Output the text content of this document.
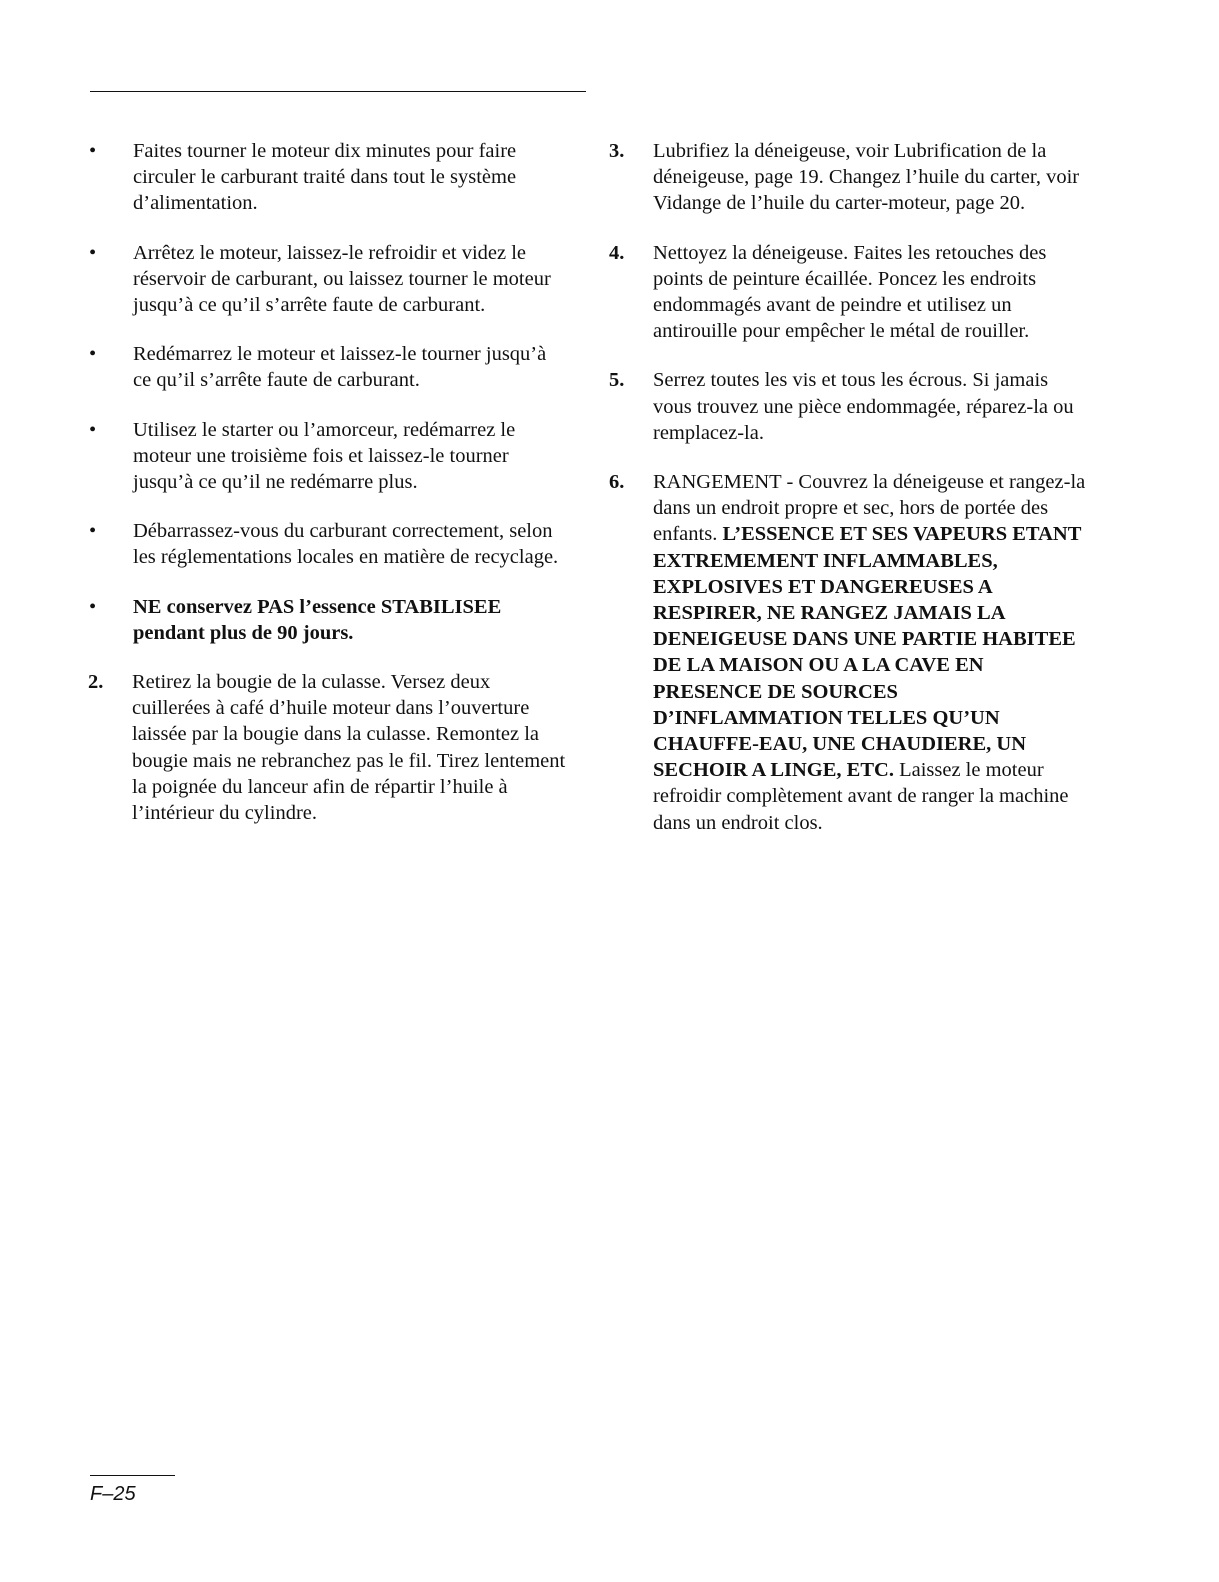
•	Faites tourner le moteur dix minutes pour faire circuler le carburant traité dans tout le système d’alimentation.
•	Arrêtez le moteur, laissez-le refroidir et videz le réservoir de carburant, ou laissez tourner le moteur jusqu’à ce qu’il s’arrête faute de carburant.
•	Redémarrez le moteur et laissez-le tourner jusqu’à ce qu’il s’arrête faute de carburant.
•	Utilisez le starter ou l’amorceur, redémarrez le moteur une troisième fois et laissez-le tourner jusqu’à ce qu’il ne redémarre plus.
•	Débarrassez-vous du carburant correctement, selon les réglementations locales en matière de recyclage.
•	NE conservez PAS l’essence STABILISEE pendant plus de 90 jours.
2.	Retirez la bougie de la culasse. Versez deux cuillerées à café d’huile moteur dans l’ouverture laissée par la bougie dans la culasse. Remontez la bougie mais ne rebranchez pas le fil. Tirez lentement la poignée du lanceur afin de répartir l’huile à l’intérieur du cylindre.
3.	Lubrifiez la déneigeuse, voir Lubrification de la déneigeuse, page 19. Changez l’huile du carter, voir Vidange de l’huile du carter-moteur, page 20.
4.	Nettoyez la déneigeuse. Faites les retouches des points de peinture écaillée. Poncez les endroits endommagés avant de peindre et utilisez un antirouille pour empêcher le métal de rouiller.
5.	Serrez toutes les vis et tous les écrous. Si jamais vous trouvez une pièce endommagée, réparez-la ou remplacez-la.
6.	RANGEMENT - Couvrez la déneigeuse et rangez-la dans un endroit propre et sec, hors de portée des enfants. L’ESSENCE ET SES VAPEURS ETANT EXTREMEMENT INFLAMMABLES, EXPLOSIVES ET DANGEREUSES A RESPIRER, NE RANGEZ JAMAIS LA DENEIGEUSE DANS UNE PARTIE HABITEE DE LA MAISON OU A LA CAVE EN PRESENCE DE SOURCES D’INFLAMMATION TELLES QU’UN CHAUFFE-EAU, UNE CHAUDIERE, UN SECHOIR A LINGE, ETC. Laissez le moteur refroidir complètement avant de ranger la machine dans un endroit clos.
F–25
